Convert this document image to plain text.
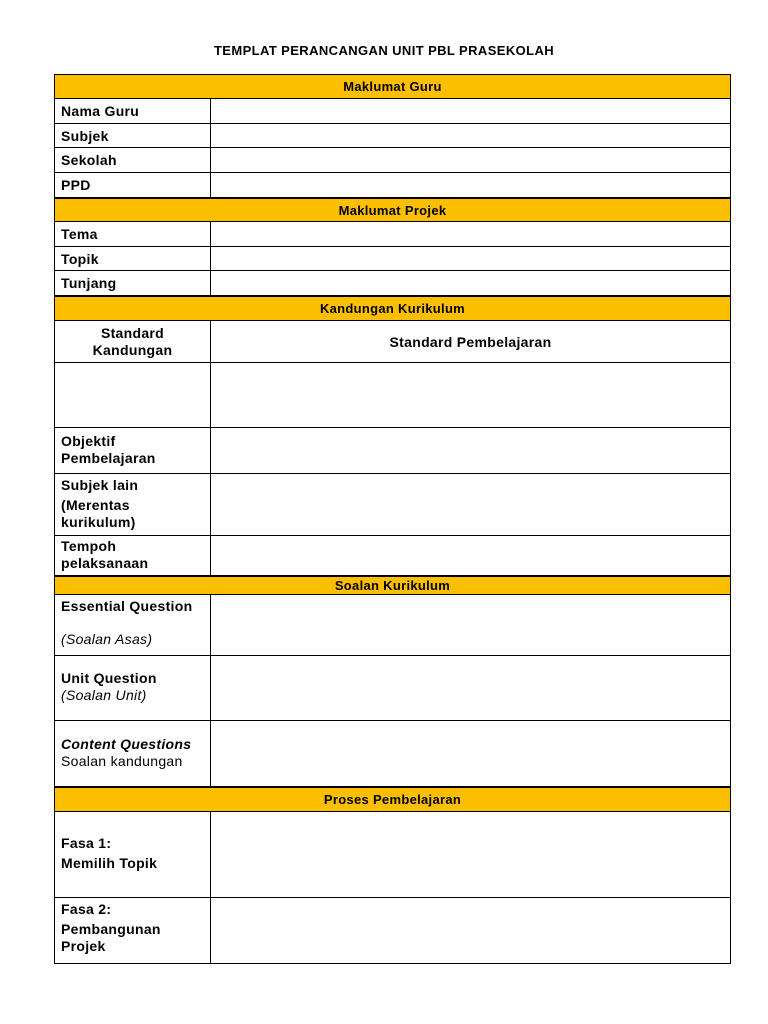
TEMPLAT PERANCANGAN UNIT PBL PRASEKOLAH
Maklumat Guru
Nama Guru
Subjek
Sekolah
PPD
Maklumat Projek
Tema
Topik
Tunjang
Kandungan Kurikulum
Standard
Kandungan	Standard Pembelajaran
Objektif
Pembelajaran
Subjek lain
(Merentas
kurikulum)
Tempoh
pelaksanaan
Soalan Kurikulum
Essential Question
(Soalan Asas)
Unit Question
(Soalan Unit)
Content Questions
Soalan kandungan
Proses Pembelajaran
Fasa 1:
Memilih Topik
Fasa 2:
Pembangunan
Projek
